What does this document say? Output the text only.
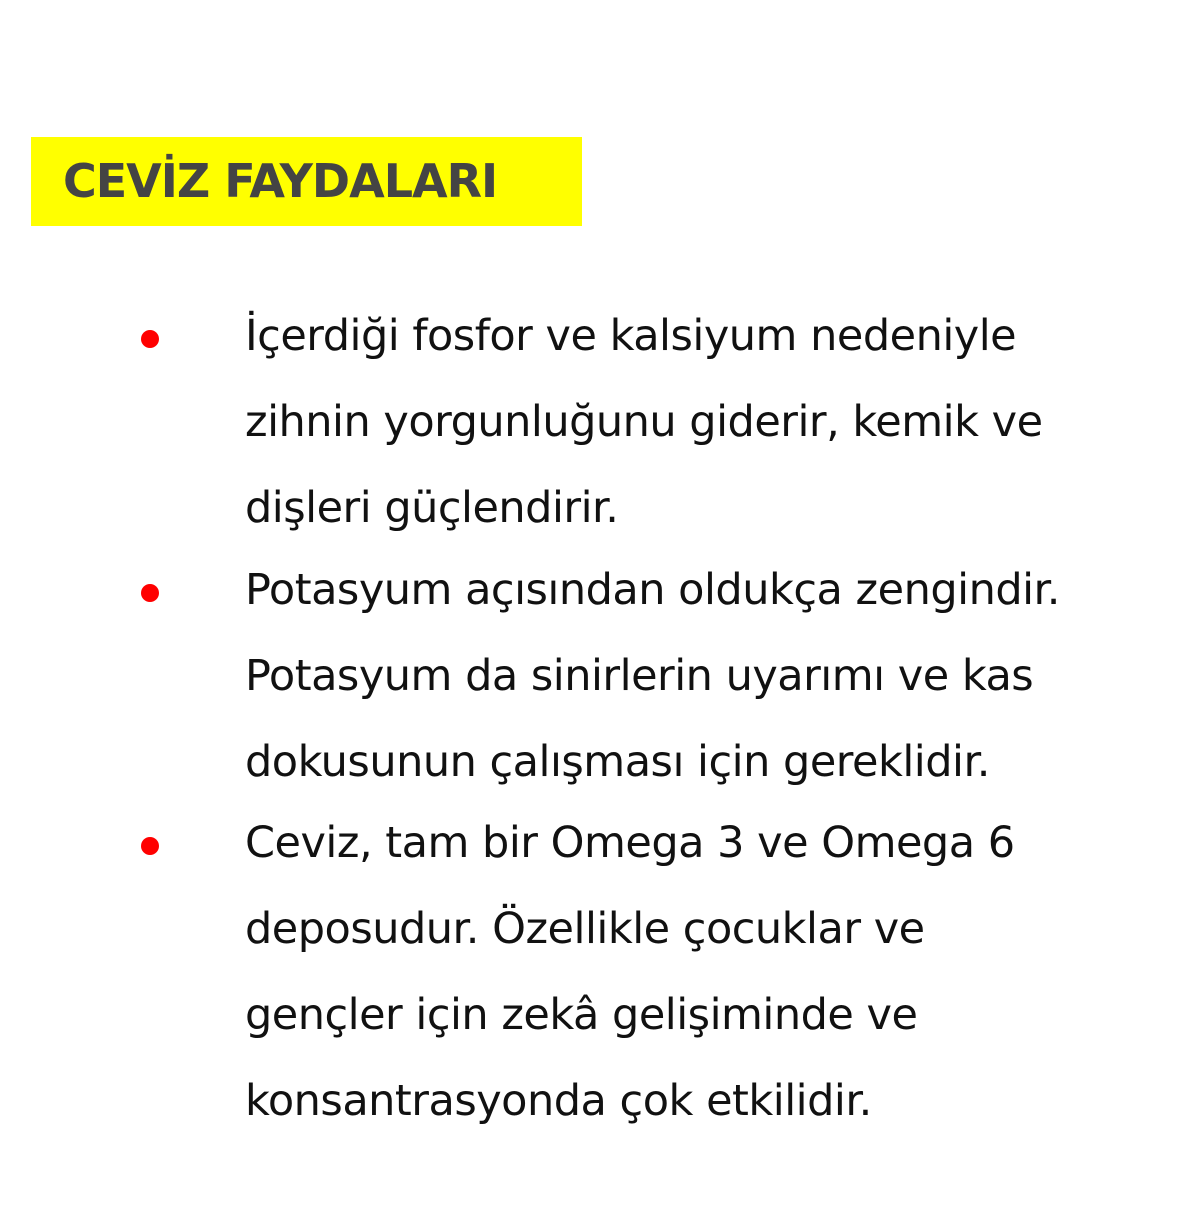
CEVİZ FAYDALARI

İçerdiği fosfor ve kalsiyum nedeniyle
zihnin yorgunluğunu giderir, kemik ve
dişleri güçlendirir.

Potasyum açısından oldukça zengindir.
Potasyum da sinirlerin uyarımı ve kas
dokusunun çalışması için gereklidir.

Ceviz, tam bir Omega 3 ve Omega 6
deposudur. Özellikle çocuklar ve
gençler için zekâ gelişiminde ve
konsantrasyonda çok etkilidir.
